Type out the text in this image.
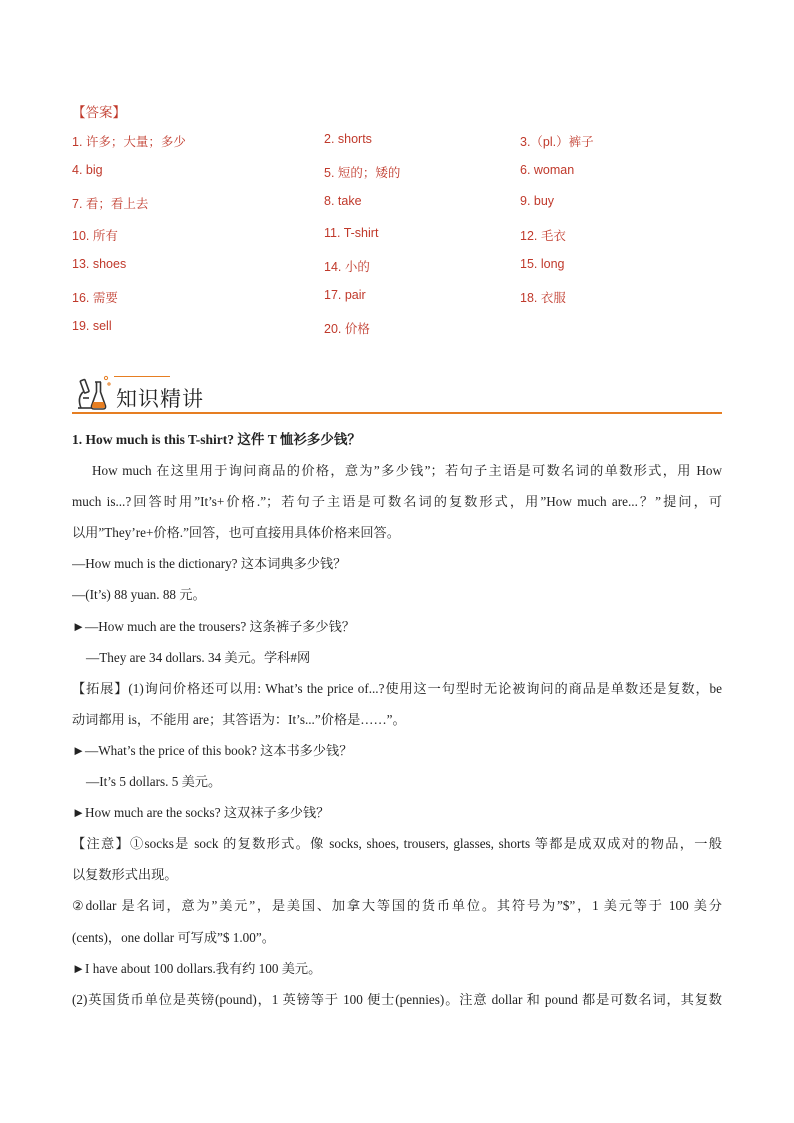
【答案】
1. 许多；大量；多少	2. shorts	3.（pl.）裤子
4. big	5. 短的；矮的	6. woman
7. 看；看上去	8. take	9. buy
10. 所有	11. T-shirt	12. 毛衣
13. shoes	14. 小的	15. long
16. 需要	17. pair	18. 衣服
19. sell	20. 价格
知识精讲
1. How much is this T-shirt? 这件 T 恤衫多少钱？
How much 在这里用于询问商品的价格，意为”多少钱”；若句子主语是可数名词的单数形式，用 How
much is...?回答时用”It’s+价格.”；若句子主语是可数名词的复数形式，用”How much are...？”提问，可
以用”They’re+价格.”回答，也可直接用具体价格来回答。
—How much is the dictionary? 这本词典多少钱？
—(It’s) 88 yuan. 88 元。
►—How much are the trousers? 这条裤子多少钱？
—They are 34 dollars. 34 美元。学科#网
【拓展】(1)询问价格还可以用: What’s the price of...?使用这一句型时无论被询问的商品是单数还是复数，be
动词都用 is，不能用 are；其答语为：It’s...”价格是……”。
►—What’s the price of this book? 这本书多少钱？
—It’s 5 dollars. 5 美元。
►How much are the socks? 这双袜子多少钱？
【注意】①socks是 sock 的复数形式。像 socks, shoes, trousers, glasses, shorts 等都是成双成对的物品，一般
以复数形式出现。
②dollar 是名词，意为”美元”，是美国、加拿大等国的货币单位。其符号为”$”，1 美元等于 100 美分
(cents)，one dollar 可写成”$ 1.00”。
►I have about 100 dollars.我有约 100 美元。
(2)英国货币单位是英镑(pound)，1 英镑等于 100 便士(pennies)。注意 dollar 和 pound 都是可数名词，其复数
